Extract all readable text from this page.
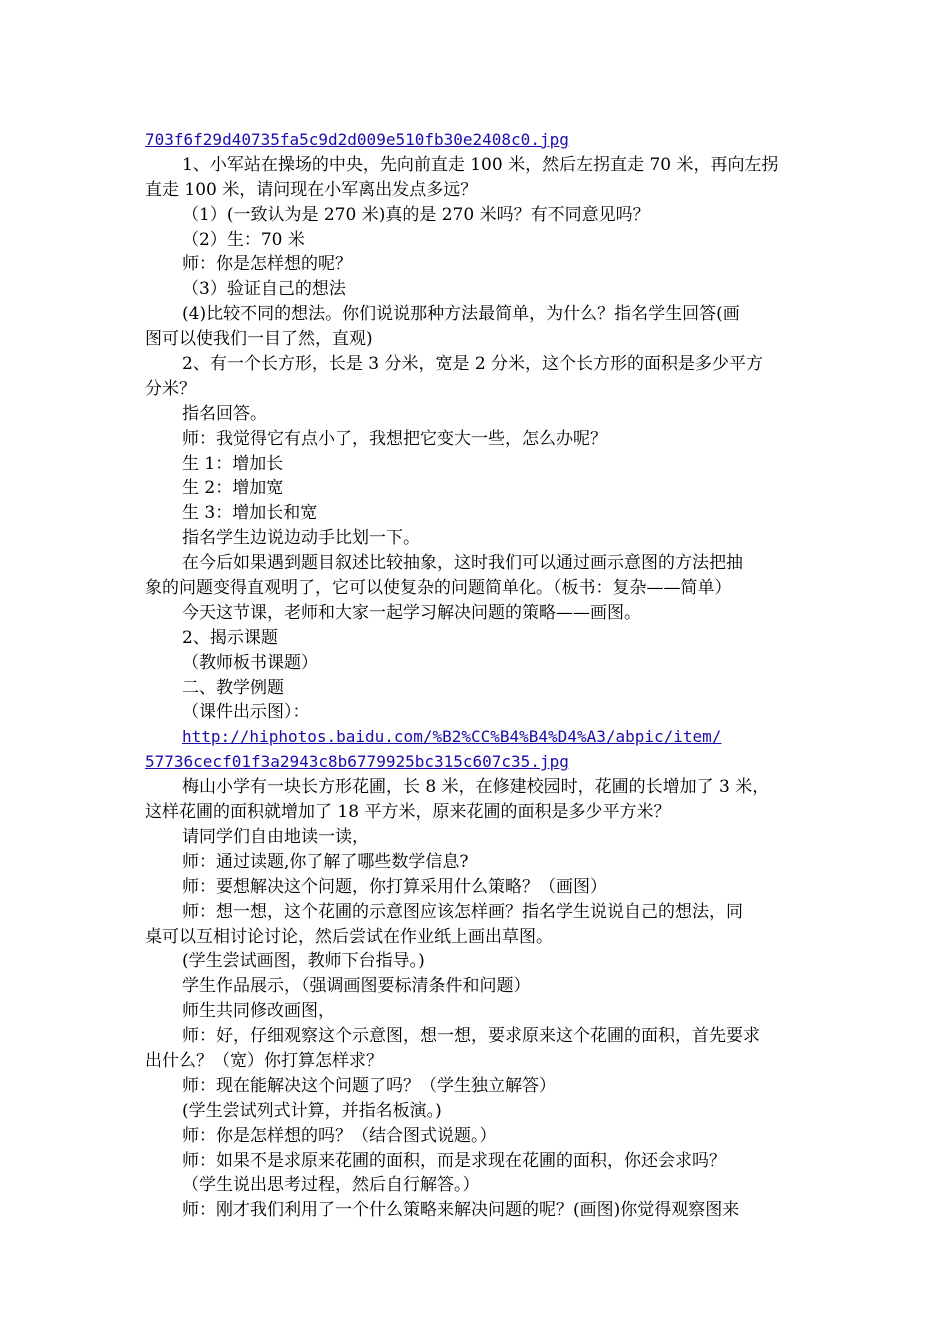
703f6f29d40735fa5c9d2d009e510fb30e2408c0.jpg
1、小军站在操场的中央，先向前直走 100 米，然后左拐直走 70 米，再向左拐
直走 100 米，请问现在小军离出发点多远？
（1）(一致认为是 270 米)真的是 270 米吗？有不同意见吗？
（2）生：70 米
师：你是怎样想的呢？
（3）验证自己的想法
(4)比较不同的想法。你们说说那种方法最简单，为什么？指名学生回答(画
图可以使我们一目了然，直观)
2、有一个长方形，长是 3 分米，宽是 2 分米，这个长方形的面积是多少平方
分米？
指名回答。
师：我觉得它有点小了，我想把它变大一些，怎么办呢？
生 1：增加长
生 2：增加宽
生 3：增加长和宽
指名学生边说边动手比划一下。
在今后如果遇到题目叙述比较抽象，这时我们可以通过画示意图的方法把抽
象的问题变得直观明了，它可以使复杂的问题简单化。（板书：复杂——简单）
今天这节课，老师和大家一起学习解决问题的策略——画图。
2、揭示课题
（教师板书课题）
二、教学例题
（课件出示图）：
http://hiphotos.baidu.com/%B2%CC%B4%B4%D4%A3/abpic/item/
57736cecf01f3a2943c8b6779925bc315c607c35.jpg
梅山小学有一块长方形花圃，长 8 米，在修建校园时，花圃的长增加了 3 米，
这样花圃的面积就增加了 18 平方米，原来花圃的面积是多少平方米？
请同学们自由地读一读，
师：通过读题,你了解了哪些数学信息?
师：要想解决这个问题，你打算采用什么策略？（画图）
师：想一想，这个花圃的示意图应该怎样画？指名学生说说自己的想法，同
桌可以互相讨论讨论，然后尝试在作业纸上画出草图。
(学生尝试画图，教师下台指导。)
学生作品展示，（强调画图要标清条件和问题）
师生共同修改画图，
师：好，仔细观察这个示意图，想一想，要求原来这个花圃的面积，首先要求
出什么？（宽）你打算怎样求？
师：现在能解决这个问题了吗？（学生独立解答）
(学生尝试列式计算，并指名板演。)
师：你是怎样想的吗？（结合图式说题。）
师：如果不是求原来花圃的面积，而是求现在花圃的面积，你还会求吗？
（学生说出思考过程，然后自行解答。）
师：刚才我们利用了一个什么策略来解决问题的呢？(画图)你觉得观察图来
